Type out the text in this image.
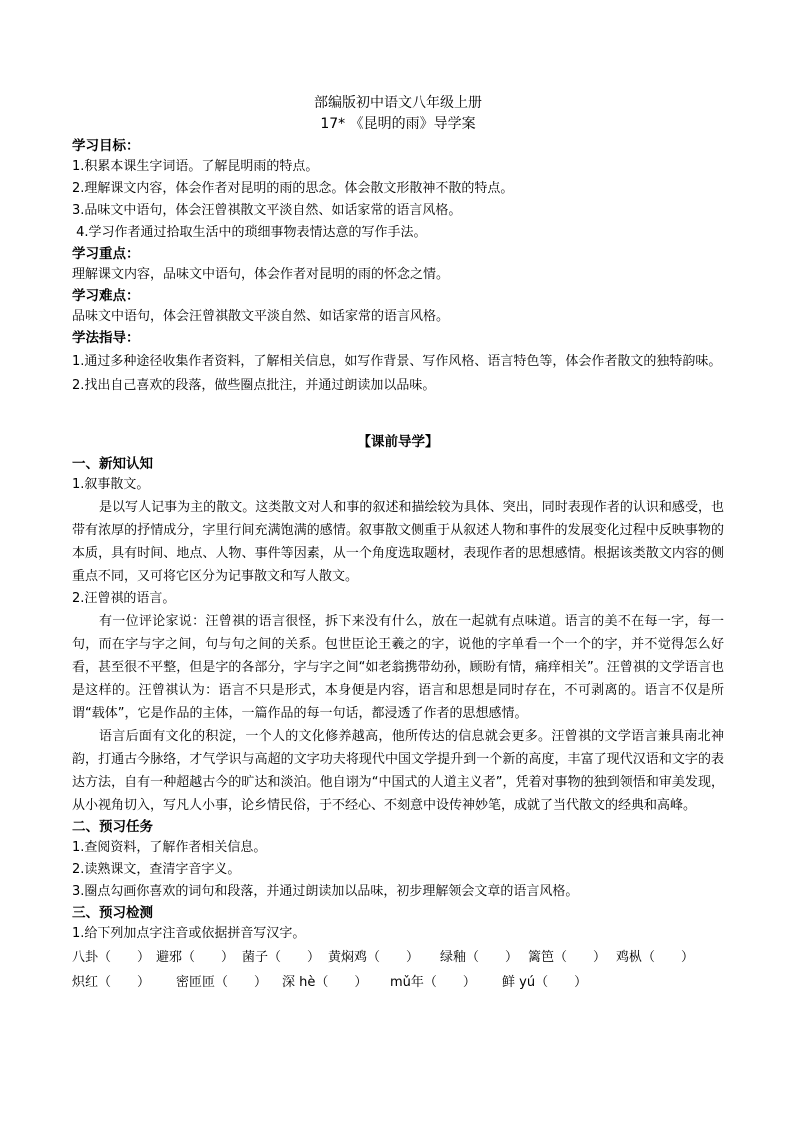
部编版初中语文八年级上册

17* 《昆明的雨》导学案

学习目标：

1.积累本课生字词语。了解昆明雨的特点。

2.理解课文内容，体会作者对昆明的雨的思念。体会散文形散神不散的特点。

3.品味文中语句，体会汪曾祺散文平淡自然、如话家常的语言风格。

4.学习作者通过拾取生活中的琐细事物表情达意的写作手法。

学习重点：

理解课文内容，品味文中语句，体会作者对昆明的雨的怀念之情。

学习难点：

品味文中语句，体会汪曾祺散文平淡自然、如话家常的语言风格。

学法指导：

1.通过多种途径收集作者资料，了解相关信息，如写作背景、写作风格、语言特色等，体会作者散文的独特韵味。

2.找出自己喜欢的段落，做些圈点批注，并通过朗读加以品味。

【课前导学】

一、新知认知

1.叙事散文。

是以写人记事为主的散文。这类散文对人和事的叙述和描绘较为具体、突出，同时表现作者的认识和感受，也带有浓厚的抒情成分，字里行间充满饱满的感情。叙事散文侧重于从叙述人物和事件的发展变化过程中反映事物的本质，具有时间、地点、人物、事件等因素，从一个角度选取题材，表现作者的思想感情。根据该类散文内容的侧重点不同，又可将它区分为记事散文和写人散文。

2.汪曾祺的语言。

有一位评论家说：汪曾祺的语言很怪，拆下来没有什么，放在一起就有点味道。语言的美不在每一字，每一句，而在字与字之间，句与句之间的关系。包世臣论王羲之的字，说他的字单看一个一个的字，并不觉得怎么好看，甚至很不平整，但是字的各部分，字与字之间“如老翁携带幼孙，顾盼有情，痛痒相关”。汪曾祺的文学语言也是这样的。汪曾祺认为：语言不只是形式，本身便是内容，语言和思想是同时存在，不可剥离的。语言不仅是所谓“载体”，它是作品的主体，一篇作品的每一句话，都浸透了作者的思想感情。

语言后面有文化的积淀，一个人的文化修养越高，他所传达的信息就会更多。汪曾祺的文学语言兼具南北神韵，打通古今脉络，才气学识与高超的文字功夫将现代中国文学提升到一个新的高度，丰富了现代汉语和文字的表达方法，自有一种超越古今的旷达和淡泊。他自诩为“中国式的人道主义者”，凭着对事物的独到领悟和审美发现，从小视角切入，写凡人小事，论乡情民俗，于不经心、不刻意中设传神妙笔，成就了当代散文的经典和高峰。

二、预习任务

1.查阅资料，了解作者相关信息。

2.读熟课文，查清字音字义。

3.圈点勾画你喜欢的词句和段落，并通过朗读加以品味，初步理解领会文章的语言风格。

三、预习检测

1.给下列加点字注音或依据拼音写汉字。

八卦（　　） 避邪（　　） 菌子（　　） 黄焖鸡（　　）	绿釉（　　） 篱笆（　　） 鸡枞（　　）
炽红（　　）	密匝匝（　　）	深 hè（　　）	mǔ年（　　）	鲜 yú（　　）
